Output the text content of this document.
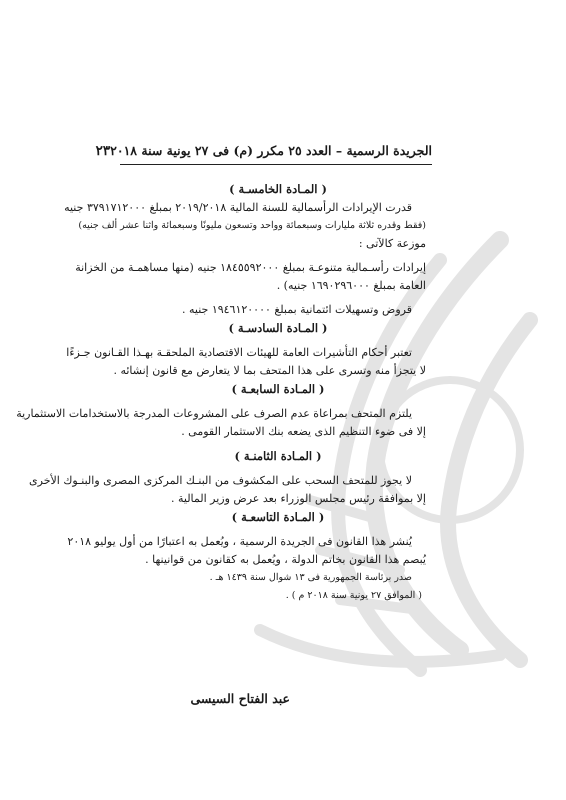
الجريدة الرسمية – العدد ٢٥ مكرر (م) فى ٢٧ يونية سنة ٢٠١٨
٢٣
( المـادة الخامسـة )
قدرت الإيرادات الرأسمالية للسنة المالية ٢٠١٩/٢٠١٨ بمبلغ ٣٧٩١٧١٢٠٠٠ جنيه
(فقط وقدره ثلاثة مليارات وسبعمائة وواحد وتسعون مليونًا وسبعمائة واثنا عشر ألف جنيه)
موزعة كالآتى :
إيرادات رأسـمالية متنوعـة بمبلغ ١٨٤٥٥٩٢٠٠٠ جنيه (منها مساهمـة من الخزانة
العامة بمبلغ ١٦٩٠٢٩٦٠٠٠ جنيه) .
قروض وتسهيلات ائتمانية بمبلغ ١٩٤٦١٢٠٠٠٠ جنيه .
( المـادة السادسـة )
تعتبر أحكام التأشيرات العامة للهيئات الاقتصادية الملحقـة بهـذا القـانون جـزءًا
لا يتجزأ منه وتسرى على هذا المتحف بما لا يتعارض مع قانون إنشائه .
( المـادة السابعـة )
يلتزم المتحف بمراعاة عدم الصرف على المشروعات المدرجة بالاستخدامات الاستثمارية
إلا فى ضوء التنظيم الذى يضعه بنك الاستثمار القومى .
( المـادة الثامنـة )
لا يجوز للمتحف السحب على المكشوف من البنـك المركزى المصرى والبنـوك الأخرى
إلا بموافقة رئيس مجلس الوزراء بعد عرض وزير المالية .
( المـادة التاسعـة )
يُنشر هذا القانون فى الجريدة الرسمية ، ويُعمل به اعتبارًا من أول يوليو ٢٠١٨
يُبصم هذا القانون بخاتم الدولة ، ويُعمل به كقانون من قوانينها .
صدر برئاسة الجمهورية فى ١٣ شوال سنة ١٤٣٩ هـ .
( الموافق ٢٧ يونية سنة ٢٠١٨ م ) .
عبد الفتاح السيسى
